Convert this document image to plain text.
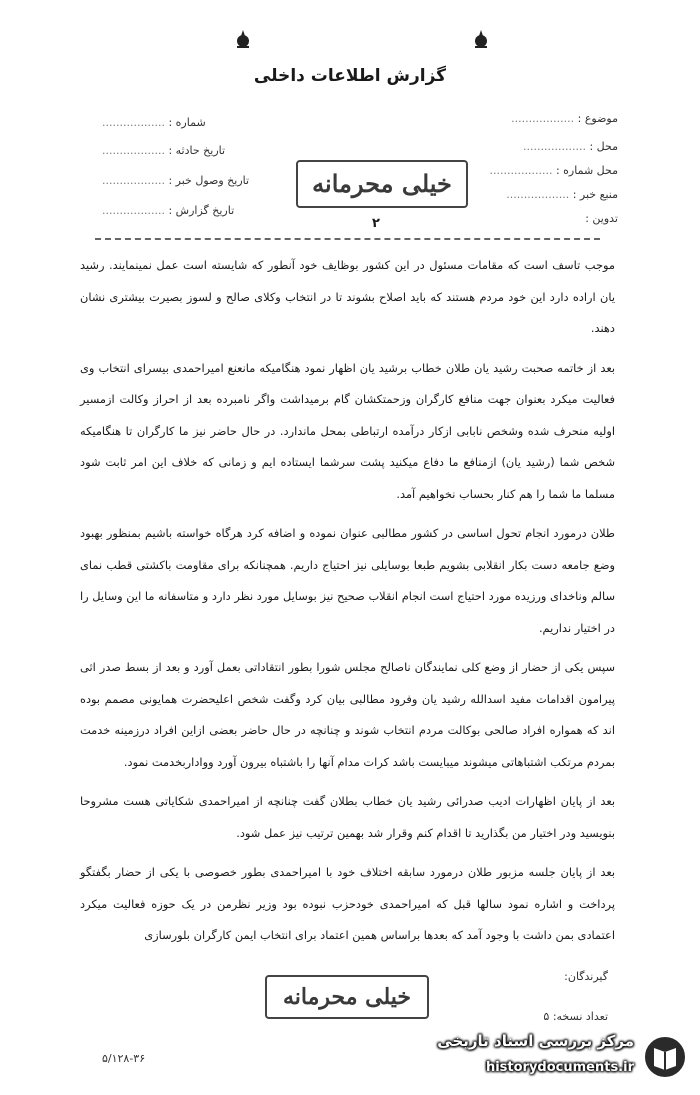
گزارش اطلاعات داخلی
موضوع : ..................
محل : ..................
محل شماره : ..................
منبع خبر : ..................
تدوین :
شماره : ..................
تاریخ حادثه : ..................
تاریخ وصول خبر : ..................
تاریخ گزارش : ..................
خیلی محرمانه
۲

موجب تاسف است که مقامات مسئول در این کشور بوظایف خود آنطور که شایسته است عمل نمینمایند. رشید یان اراده دارد این خود مردم هستند که باید اصلاح بشوند تا در انتخاب وکلای صالح و لسوز بصیرت بیشتری نشان دهند.

بعد از خاتمه صحبت رشید یان طلان خطاب برشید یان اظهار نمود هنگامیکه مانعنع امیراحمدی بیسرای انتخاب وی فعالیت میکرد بعنوان جهت منافع کارگران وزحمتکشان گام برمیداشت واگر نامبرده بعد از احراز وکالت ازمسیر اولیه منحرف شده وشخص نابابی ازکار درآمده ارتباطی بمحل ماندارد. در حال حاضر نیز ما کارگران تا هنگامیکه شخص شما (رشید یان) ازمنافع ما دفاع میکنید پشت سرشما ایستاده ایم و زمانی که خلاف این امر ثابت شود مسلما ما شما را هم کنار بحساب نخواهیم آمد.

طلان درمورد انجام تحول اساسی در کشور مطالبی عنوان نموده و اضافه کرد هرگاه خواسته باشیم بمنظور بهبود وضع جامعه دست بکار انقلابی بشویم طبعا بوسایلی نیز احتیاج داریم. همچنانکه برای مقاومت باکشتی قطب نمای سالم وناخدای ورزیده مورد احتیاج است انجام انقلاب صحیح نیز بوسایل مورد نظر دارد و متاسفانه ما این وسایل را در اختیار نداریم.

سپس یکی از حضار از وضع کلی نمایندگان ناصالح مجلس شورا بطور انتقاداتی بعمل آورد و بعد از بسط صدر اثی پیرامون اقدامات مفید اسدالله رشید یان وفرود مطالبی بیان کرد وگفت شخص اعلیحضرت همایونی مصمم بوده اند که همواره افراد صالحی بوکالت مردم انتخاب شوند و چنانچه در حال حاضر بعضی ازاین افراد درزمینه خدمت بمردم مرتکب اشتباهاتی میشوند میبایست باشد کرات مدام آنها را باشتباه بیرون آورد وواداربخدمت نمود.

بعد از پایان اظهارات ادیب صدرائی رشید یان خطاب بطلان گفت چنانچه از امیراحمدی شکایاتی هست مشروحا بنویسید ودر اختیار من بگذارید تا اقدام کنم وقرار شد بهمین ترتیب نیز عمل شود.

بعد از پایان جلسه مزبور طلان درمورد سابقه اختلاف خود با امیراحمدی بطور خصوصی با یکی از حضار بگفتگو پرداخت و اشاره نمود سالها قبل که امیراحمدی خودحزب نبوده بود وزیر نظرمن در یک حوزه فعالیت میکرد اعتمادی بمن داشت با وجود آمد که بعدها براساس همین اعتماد برای انتخاب ایمن کارگران بلورسازی

گیرندگان:
تعداد نسخه: ۵
خیلی محرمانه
۵/۱۲۸-۳۶
مرکز بررسی اسناد تاریخی
historydocuments.ir
